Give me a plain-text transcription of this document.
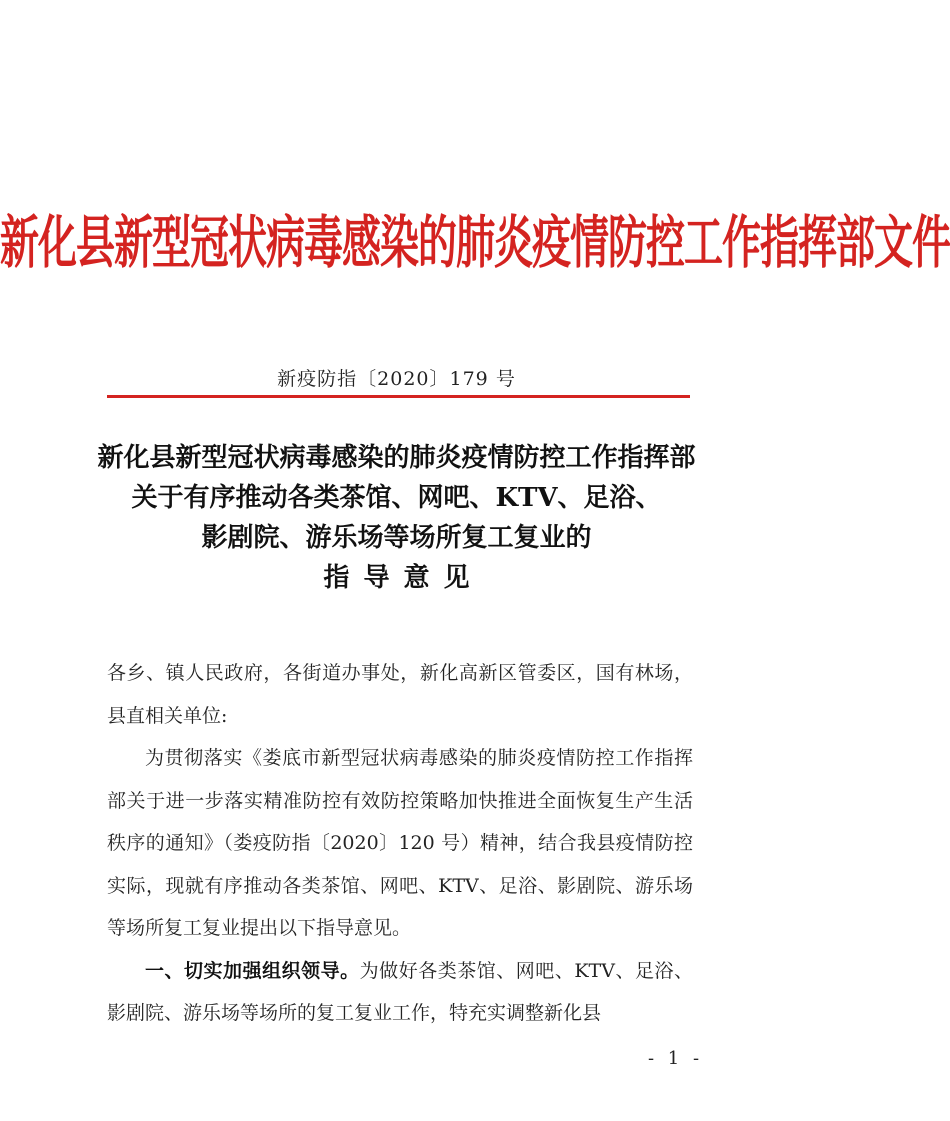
新化县新型冠状病毒感染的肺炎疫情防控工作指挥部文件
新疫防指〔2020〕179 号
新化县新型冠状病毒感染的肺炎疫情防控工作指挥部
关于有序推动各类茶馆、网吧、KTV、足浴、
影剧院、游乐场等场所复工复业的
指导意见

各乡、镇人民政府，各街道办事处，新化高新区管委区，国有林场，县直相关单位:

为贯彻落实《娄底市新型冠状病毒感染的肺炎疫情防控工作指挥部关于进一步落实精准防控有效防控策略加快推进全面恢复生产生活秩序的通知》（娄疫防指〔2020〕120 号）精神，结合我县疫情防控实际，现就有序推动各类茶馆、网吧、KTV、足浴、影剧院、游乐场等场所复工复业提出以下指导意见。

一、切实加强组织领导。为做好各类茶馆、网吧、KTV、足浴、影剧院、游乐场等场所的复工复业工作，特充实调整新化县

- 1 -
